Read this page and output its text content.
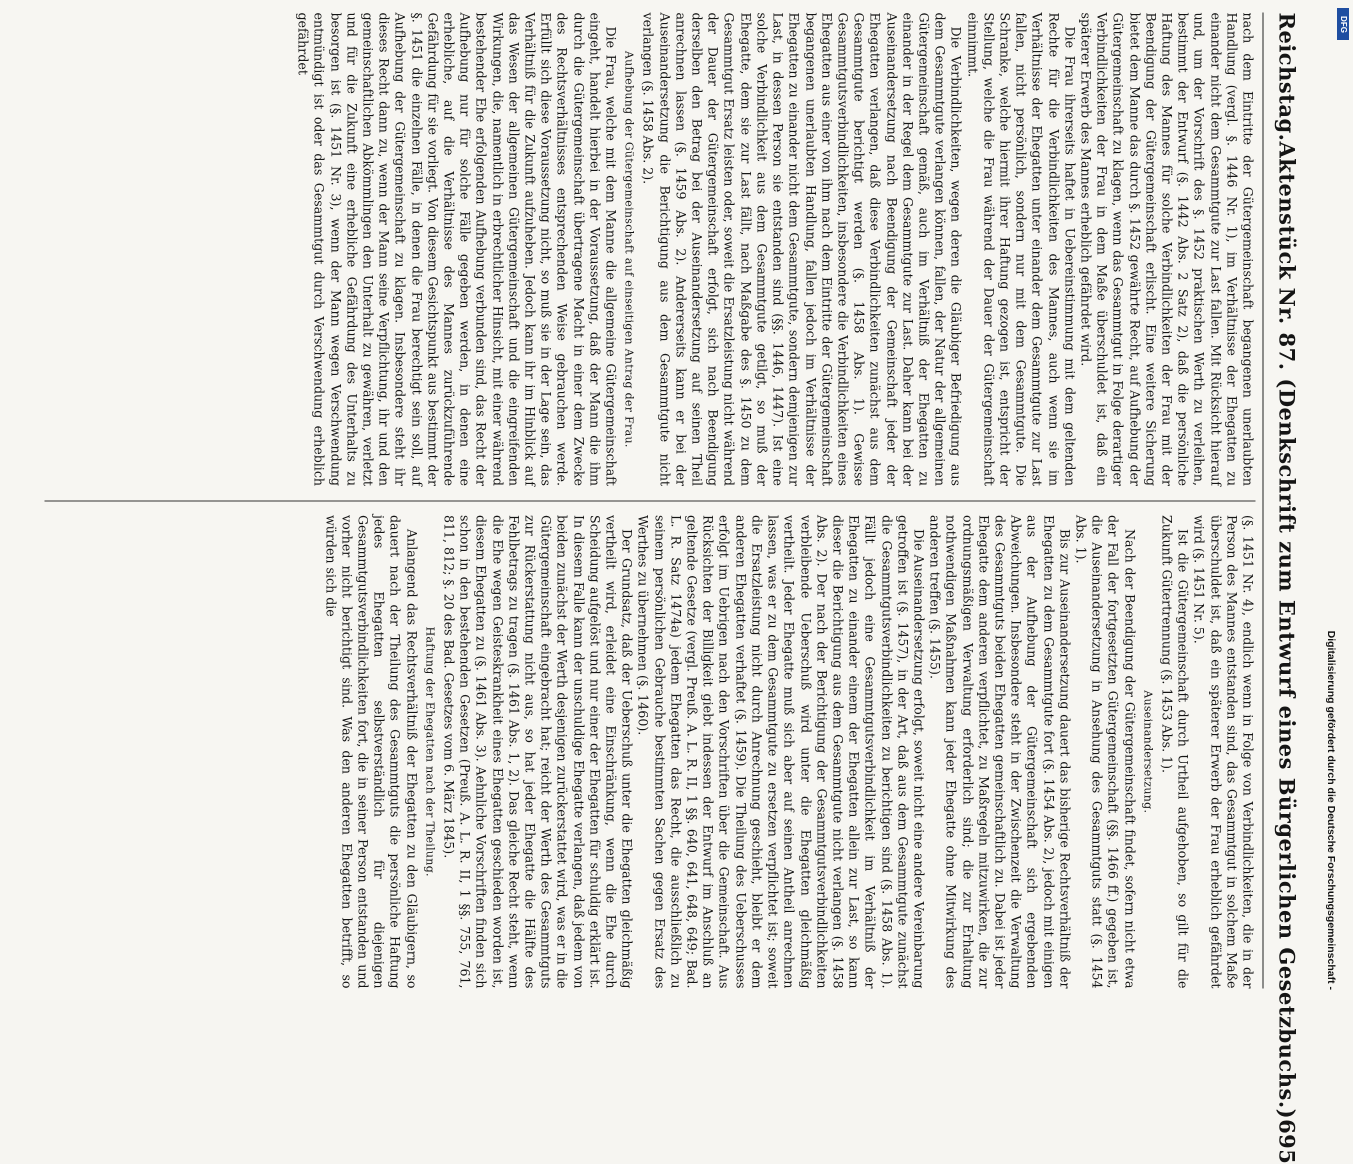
Reichstag.
Aktenstück Nr. 87. (Denkschrift zum Entwurf eines Bürgerlichen Gesetzbuchs.)
695

nach dem Eintritte der Gütergemeinschaft begangenen unerlaubten Handlung (vergl. §. 1446 Nr. 1), im Verhältnisse der Ehegatten zu einander nicht dem Gesammtgute zur Last fallen. Mit Rücksicht hierauf und, um der Vorschrift des §. 1452 praktischen Werth zu verleihen, bestimmt der Entwurf (§. 1442 Abs. 2 Satz 2), daß die persönliche Haftung des Mannes für solche Verbindlichkeiten der Frau mit der Beendigung der Gütergemeinschaft erlischt. Eine weitere Sicherung bietet dem Manne das durch §. 1452 gewährte Recht, auf Aufhebung der Gütergemeinschaft zu klagen, wenn das Gesammtgut in Folge derartiger Verbindlichkeiten der Frau in dem Maße überschuldet ist, daß ein späterer Erwerb des Mannes erheblich gefährdet wird.

Die Frau ihrerseits haftet in Uebereinstimmung mit dem geltenden Rechte für die Verbindlichkeiten des Mannes, auch wenn sie im Verhältnisse der Ehegatten unter einander dem Gesammtgute zur Last fallen, nicht persönlich, sondern nur mit dem Gesammtgute. Die Schranke, welche hiermit ihrer Haftung gezogen ist, entspricht der Stellung, welche die Frau während der Dauer der Gütergemeinschaft einnimmt.

Die Verbindlichkeiten, wegen deren die Gläubiger Befriedigung aus dem Gesammtgute verlangen können, fallen, der Natur der allgemeinen Gütergemeinschaft gemäß, auch im Verhältniß der Ehegatten zu einander in der Regel dem Gesammtgute zur Last. Daher kann bei der Auseinandersetzung nach Beendigung der Gemeinschaft jeder der Ehegatten verlangen, daß diese Verbindlichkeiten zunächst aus dem Gesammtgute berichtigt werden (§. 1458 Abs. 1). Gewisse Gesammtgutsverbindlichkeiten, insbesondere die Verbindlichkeiten eines Ehegatten aus einer von ihm nach dem Eintritte der Gütergemeinschaft begangenen unerlaubten Handlung, fallen jedoch im Verhältnisse der Ehegatten zu einander nicht dem Gesammtgute, sondern demjenigen zur Last, in dessen Person sie entstanden sind (§§. 1446, 1447). Ist eine solche Verbindlichkeit aus dem Gesammtgute getilgt, so muß der Ehegatte, dem sie zur Last fällt, nach Maßgabe des §. 1450 zu dem Gesammtgut Ersatz leisten oder, soweit die Ersatzleistung nicht während der Dauer der Gütergemeinschaft erfolgt, sich nach Beendigung derselben den Betrag bei der Auseinandersetzung auf seinen Theil anrechnen lassen (§. 1459 Abs. 2). Andererseits kann er bei der Auseinandersetzung die Berichtigung aus dem Gesammtgute nicht verlangen (§. 1458 Abs. 2).

Aufhebung der Gütergemeinschaft auf einseitigen Antrag der Frau.

Die Frau, welche mit dem Manne die allgemeine Gütergemeinschaft eingeht, handelt hierbei in der Voraussetzung, daß der Mann die ihm durch die Gütergemeinschaft übertragene Macht in einer dem Zwecke des Rechtsverhältnisses entsprechenden Weise gebrauchen werde. Erfüllt sich diese Voraussetzung nicht, so muß sie in der Lage sein, das Verhältniß für die Zukunft aufzuheben. Jedoch kann ihr im Hinblick auf das Wesen der allgemeinen Gütergemeinschaft und die eingreifenden Wirkungen, die, namentlich in erbrechtlicher Hinsicht, mit einer während bestehender Ehe erfolgenden Aufhebung verbunden sind, das Recht der Aufhebung nur für solche Fälle gegeben werden, in denen eine erhebliche, auf die Verhältnisse des Mannes zurückzuführende Gefährdung für sie vorliegt. Von diesem Gesichtspunkt aus bestimmt der §. 1451 die einzelnen Fälle, in denen die Frau berechtigt sein soll, auf Aufhebung der Gütergemeinschaft zu klagen. Insbesondere steht ihr dieses Recht dann zu, wenn der Mann seine Verpflichtung, ihr und den gemeinschaftlichen Abkömmlingen den Unterhalt zu gewähren, verletzt und für die Zukunft eine erhebliche Gefährdung des Unterhalts zu besorgen ist (§. 1451 Nr. 3), wenn der Mann wegen Verschwendung entmündigt ist oder das Gesammtgut durch Verschwendung erheblich gefährdet

(§. 1451 Nr. 4), endlich wenn in Folge von Verbindlichkeiten, die in der Person des Mannes entstanden sind, das Gesammtgut in solchem Maße überschuldet ist, daß ein späterer Erwerb der Frau erheblich gefährdet wird (§. 1451 Nr. 5).

Ist die Gütergemeinschaft durch Urtheil aufgehoben, so gilt für die Zukunft Gütertrennung (§. 1453 Abs. 1).

Auseinandersetzung.

Nach der Beendigung der Gütergemeinschaft findet, sofern nicht etwa der Fall der fortgesetzten Gütergemeinschaft (§§. 1466 ff.) gegeben ist, die Auseinandersetzung in Ansehung des Gesammtguts statt (§. 1454 Abs. 1).

Bis zur Auseinandersetzung dauert das bisherige Rechtsverhältniß der Ehegatten zu dem Gesammtgute fort (§. 1454 Abs. 2), jedoch mit einigen aus der Aufhebung der Gütergemeinschaft sich ergebenden Abweichungen. Insbesondere steht in der Zwischenzeit die Verwaltung des Gesammtguts beiden Ehegatten gemeinschaftlich zu. Dabei ist jeder Ehegatte dem anderen verpflichtet, zu Maßregeln mitzuwirken, die zur ordnungsmäßigen Verwaltung erforderlich sind; die zur Erhaltung nothwendigen Maßnahmen kann jeder Ehegatte ohne Mitwirkung des anderen treffen (§. 1455).

Die Auseinandersetzung erfolgt, soweit nicht eine andere Vereinbarung getroffen ist (§. 1457), in der Art, daß aus dem Gesammtgute zunächst die Gesammtgutsverbindlichkeiten zu berichtigen sind (§. 1458 Abs. 1). Fällt jedoch eine Gesammtgutsverbindlichkeit im Verhältniß der Ehegatten zu einander einem der Ehegatten allein zur Last, so kann dieser die Berichtigung aus dem Gesammtgute nicht verlangen (§. 1458 Abs. 2). Der nach der Berichtigung der Gesammtgutsverbindlichkeiten verbleibende Ueberschuß wird unter die Ehegatten gleichmäßig vertheilt. Jeder Ehegatte muß sich aber auf seinen Antheil anrechnen lassen, was er zu dem Gesammtgute zu ersetzen verpflichtet ist; soweit die Ersatzleistung nicht durch Anrechnung geschieht, bleibt er dem anderen Ehegatten verhaftet (§. 1459). Die Theilung des Ueberschusses erfolgt im Uebrigen nach den Vorschriften über die Gemeinschaft. Aus Rücksichten der Billigkeit giebt indessen der Entwurf im Anschluß an geltende Gesetze (vergl. Preuß. A. L. R. II, 1 §§. 640, 641, 648, 649; Bad. L. R. Satz 1474a) jedem Ehegatten das Recht, die ausschließlich zu seinem persönlichen Gebrauche bestimmten Sachen gegen Ersatz des Werthes zu übernehmen (§. 1460).

Der Grundsatz, daß der Ueberschuß unter die Ehegatten gleichmäßig vertheilt wird, erleidet eine Einschränkung, wenn die Ehe durch Scheidung aufgelöst und nur einer der Ehegatten für schuldig erklärt ist. In diesem Falle kann der unschuldige Ehegatte verlangen, daß jedem von beiden zunächst der Werth desjenigen zurückerstattet wird, was er in die Gütergemeinschaft eingebracht hat; reicht der Werth des Gesammtguts zur Rückerstattung nicht aus, so hat jeder Ehegatte die Hälfte des Fehlbetrags zu tragen (§. 1461 Abs. 1, 2). Das gleiche Recht steht, wenn die Ehe wegen Geisteskrankheit eines Ehegatten geschieden worden ist, diesem Ehegatten zu (§. 1461 Abs. 3). Aehnliche Vorschriften finden sich schon in den bestehenden Gesetzen (Preuß. A. L. R. II, 1 §§. 755, 761, 811, 812; §. 20 des Bad. Gesetzes vom 6. März 1845).

Haftung der Ehegatten nach der Theilung.

Anlangend das Rechtsverhältniß der Ehegatten zu den Gläubigern, so dauert nach der Theilung des Gesammtguts die persönliche Haftung jedes Ehegatten selbstverständlich für diejenigen Gesammtgutsverbindlichkeiten fort, die in seiner Person entstanden und vorher nicht berichtigt sind. Was den anderen Ehegatten betrifft, so würden sich die

Digitalisierung gefördert durch die Deutsche Forschungsgemeinschaft -
DFG
